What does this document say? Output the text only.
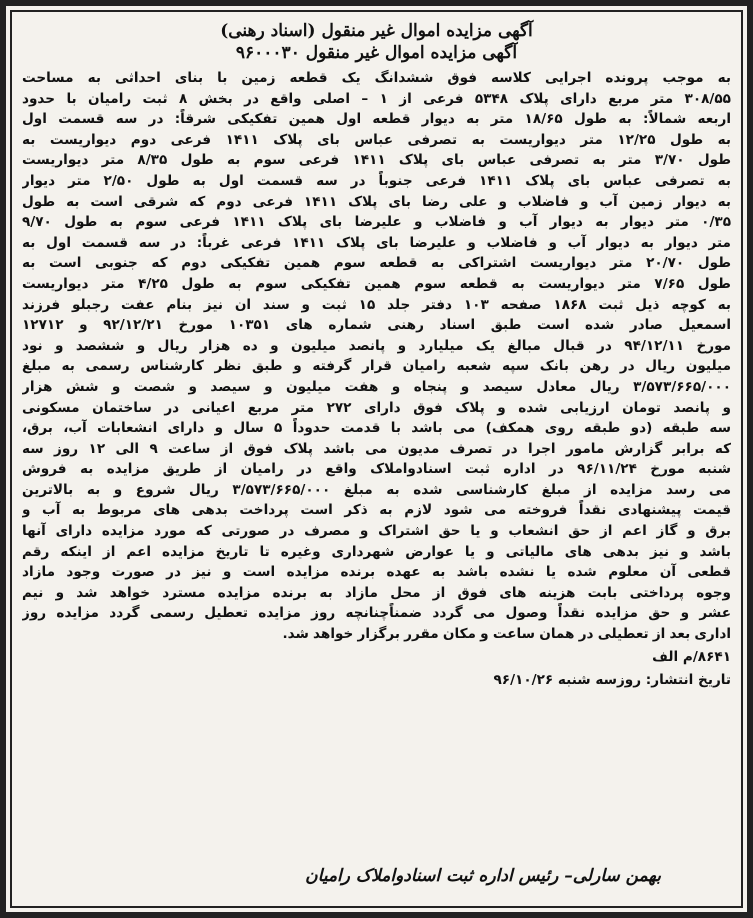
آگهی مزایده اموال غیر منقول (اسناد رهنی)
آگهی مزایده اموال غیر منقول ۹۶۰۰۰۳۰
به موجب پرونده اجرایی کلاسه فوق ششدانگ یک قطعه زمین با بنای احداثی به مساحت
۳۰۸/۵۵ متر مربع دارای پلاک ۵۳۴۸ فرعی از ۱ – اصلی واقع در بخش ۸ ثبت رامیان با حدود
اربعه شمالاً: به طول ۱۸/۶۵ متر به دیوار قطعه اول همین تفکیکی شرقاً: در سه قسمت اول
به طول ۱۲/۲۵ متر دیواریست به تصرفی عباس بای پلاک ۱۴۱۱ فرعی دوم دیواریست به
طول ۳/۷۰ متر به تصرفی عباس بای پلاک ۱۴۱۱ فرعی سوم به طول ۸/۳۵ متر دیواریست
به تصرفی عباس بای پلاک ۱۴۱۱ فرعی جنوباً در سه قسمت اول به طول ۲/۵۰ متر دیوار
به دیوار زمین آب و فاضلاب و علی رضا بای پلاک ۱۴۱۱ فرعی دوم که شرقی است به طول
۰/۳۵ متر دیوار به دیوار آب و فاضلاب و علیرضا بای پلاک ۱۴۱۱ فرعی سوم به طول ۹/۷۰
متر دیوار به دیوار آب و فاضلاب و علیرضا بای پلاک ۱۴۱۱ فرعی غرباً: در سه قسمت اول به
طول ۲۰/۷۰ متر دیواریست اشتراکی به قطعه سوم همین تفکیکی دوم که جنوبی است به
طول ۷/۶۵ متر دیواریست به قطعه سوم همین تفکیکی سوم به طول ۴/۲۵ متر دیواریست
به کوچه ذیل ثبت ۱۸۶۸ صفحه ۱۰۳ دفتر جلد ۱۵ ثبت و سند ان نیز بنام عفت رجبلو فرزند
اسمعیل صادر شده است طبق اسناد رهنی شماره های ۱۰۳۵۱ مورخ ۹۲/۱۲/۲۱ و ۱۲۷۱۲
مورخ ۹۴/۱۲/۱۱ در قبال مبالغ یک میلیارد و پانصد میلیون و ده هزار ریال و ششصد و نود
میلیون ریال در رهن بانک سپه شعبه رامیان قرار گرفته و طبق نظر کارشناس رسمی به مبلغ
۳/۵۷۳/۶۶۵/۰۰۰ ریال معادل سیصد و پنجاه و هفت میلیون و سیصد و شصت و شش هزار
و پانصد تومان ارزیابی شده و پلاک فوق دارای ۲۷۲ متر مربع اعیانی در ساختمان مسکونی
سه طبقه (دو طبقه روی همکف) می باشد با قدمت حدوداً ۵ سال و دارای انشعابات آب، برق،
که برابر گزارش مامور اجرا در تصرف مدیون می باشد پلاک فوق از ساعت ۹ الی ۱۲ روز سه
شنبه مورخ ۹۶/۱۱/۲۴ در اداره ثبت اسنادواملاک واقع در رامیان از طریق مزایده به فروش
می رسد مزایده از مبلغ کارشناسی شده به مبلغ ۳/۵۷۳/۶۶۵/۰۰۰ ریال شروع و به بالاترین
قیمت پیشنهادی نقداً فروخته می شود لازم به ذکر است پرداخت بدهی های مربوط به آب و
برق و گاز اعم از حق انشعاب و یا حق اشتراک و مصرف در صورتی که مورد مزایده دارای آنها
باشد و نیز بدهی های مالیاتی و یا عوارض شهرداری وغیره تا تاریخ مزایده اعم از اینکه رقم
قطعی آن معلوم شده یا نشده باشد به عهده برنده مزایده است و نیز در صورت وجود مازاد
وجوه پرداختی بابت هزینه های فوق از محل مازاد به برنده مزایده مسترد خواهد شد و نیم
عشر و حق مزایده نقداً وصول می گردد ضمناًچنانچه روز مزایده تعطیل رسمی گردد مزایده روز
اداری بعد از تعطیلی در همان ساعت و مکان مقرر برگزار خواهد شد.
۸۶۴۱/م الف
تاریخ انتشار: روزسه شنبه ۹۶/۱۰/۲۶
بهمن سارلی– رئیس اداره ثبت اسنادواملاک رامیان
